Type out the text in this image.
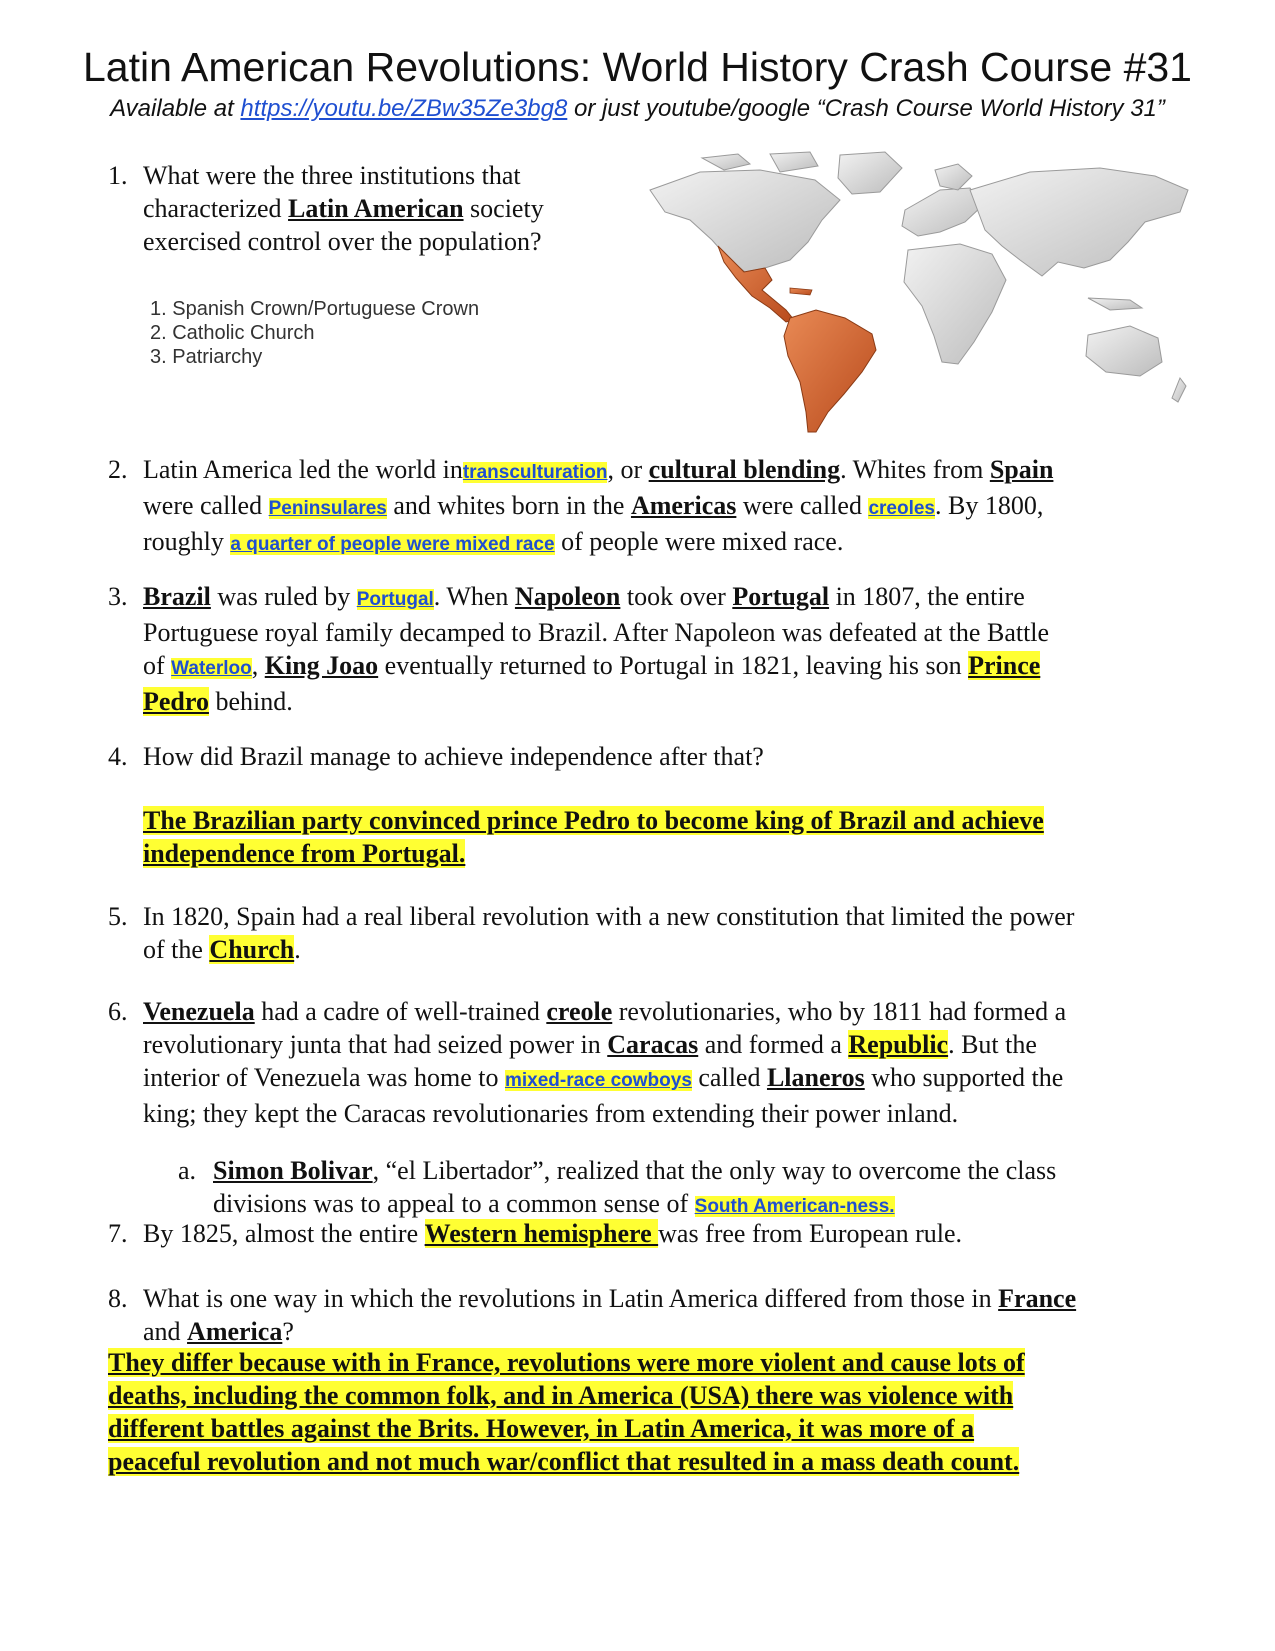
Latin American Revolutions: World History Crash Course #31
Available at https://youtu.be/ZBw35Ze3bg8 or just youtube/google “Crash Course World History 31”
1. What were the three institutions that
characterized Latin American society
exercised control over the population?
1. Spanish Crown/Portuguese Crown
2. Catholic Church
3. Patriarchy
2. Latin America led the world intransculturation, or cultural blending. Whites from Spain
were called Peninsulares and whites born in the Americas were called creoles. By 1800,
roughly a quarter of people were mixed race of people were mixed race.
3. Brazil was ruled by Portugal. When Napoleon took over Portugal in 1807, the entire
Portuguese royal family decamped to Brazil. After Napoleon was defeated at the Battle
of Waterloo, King Joao eventually returned to Portugal in 1821, leaving his son Prince
Pedro behind.
4. How did Brazil manage to achieve independence after that?
The Brazilian party convinced prince Pedro to become king of Brazil and achieve
independence from Portugal.
5. In 1820, Spain had a real liberal revolution with a new constitution that limited the power
of the Church.
6. Venezuela had a cadre of well-trained creole revolutionaries, who by 1811 had formed a
revolutionary junta that had seized power in Caracas and formed a Republic. But the
interior of Venezuela was home to mixed-race cowboys called Llaneros who supported the
king; they kept the Caracas revolutionaries from extending their power inland.
a. Simon Bolivar, “el Libertador”, realized that the only way to overcome the class
divisions was to appeal to a common sense of South American-ness.
7. By 1825, almost the entire Western hemisphere was free from European rule.
8. What is one way in which the revolutions in Latin America differed from those in France
and America?
They differ because with in France, revolutions were more violent and cause lots of
deaths, including the common folk, and in America (USA) there was violence with
different battles against the Brits. However, in Latin America, it was more of a
peaceful revolution and not much war/conflict that resulted in a mass death count.
